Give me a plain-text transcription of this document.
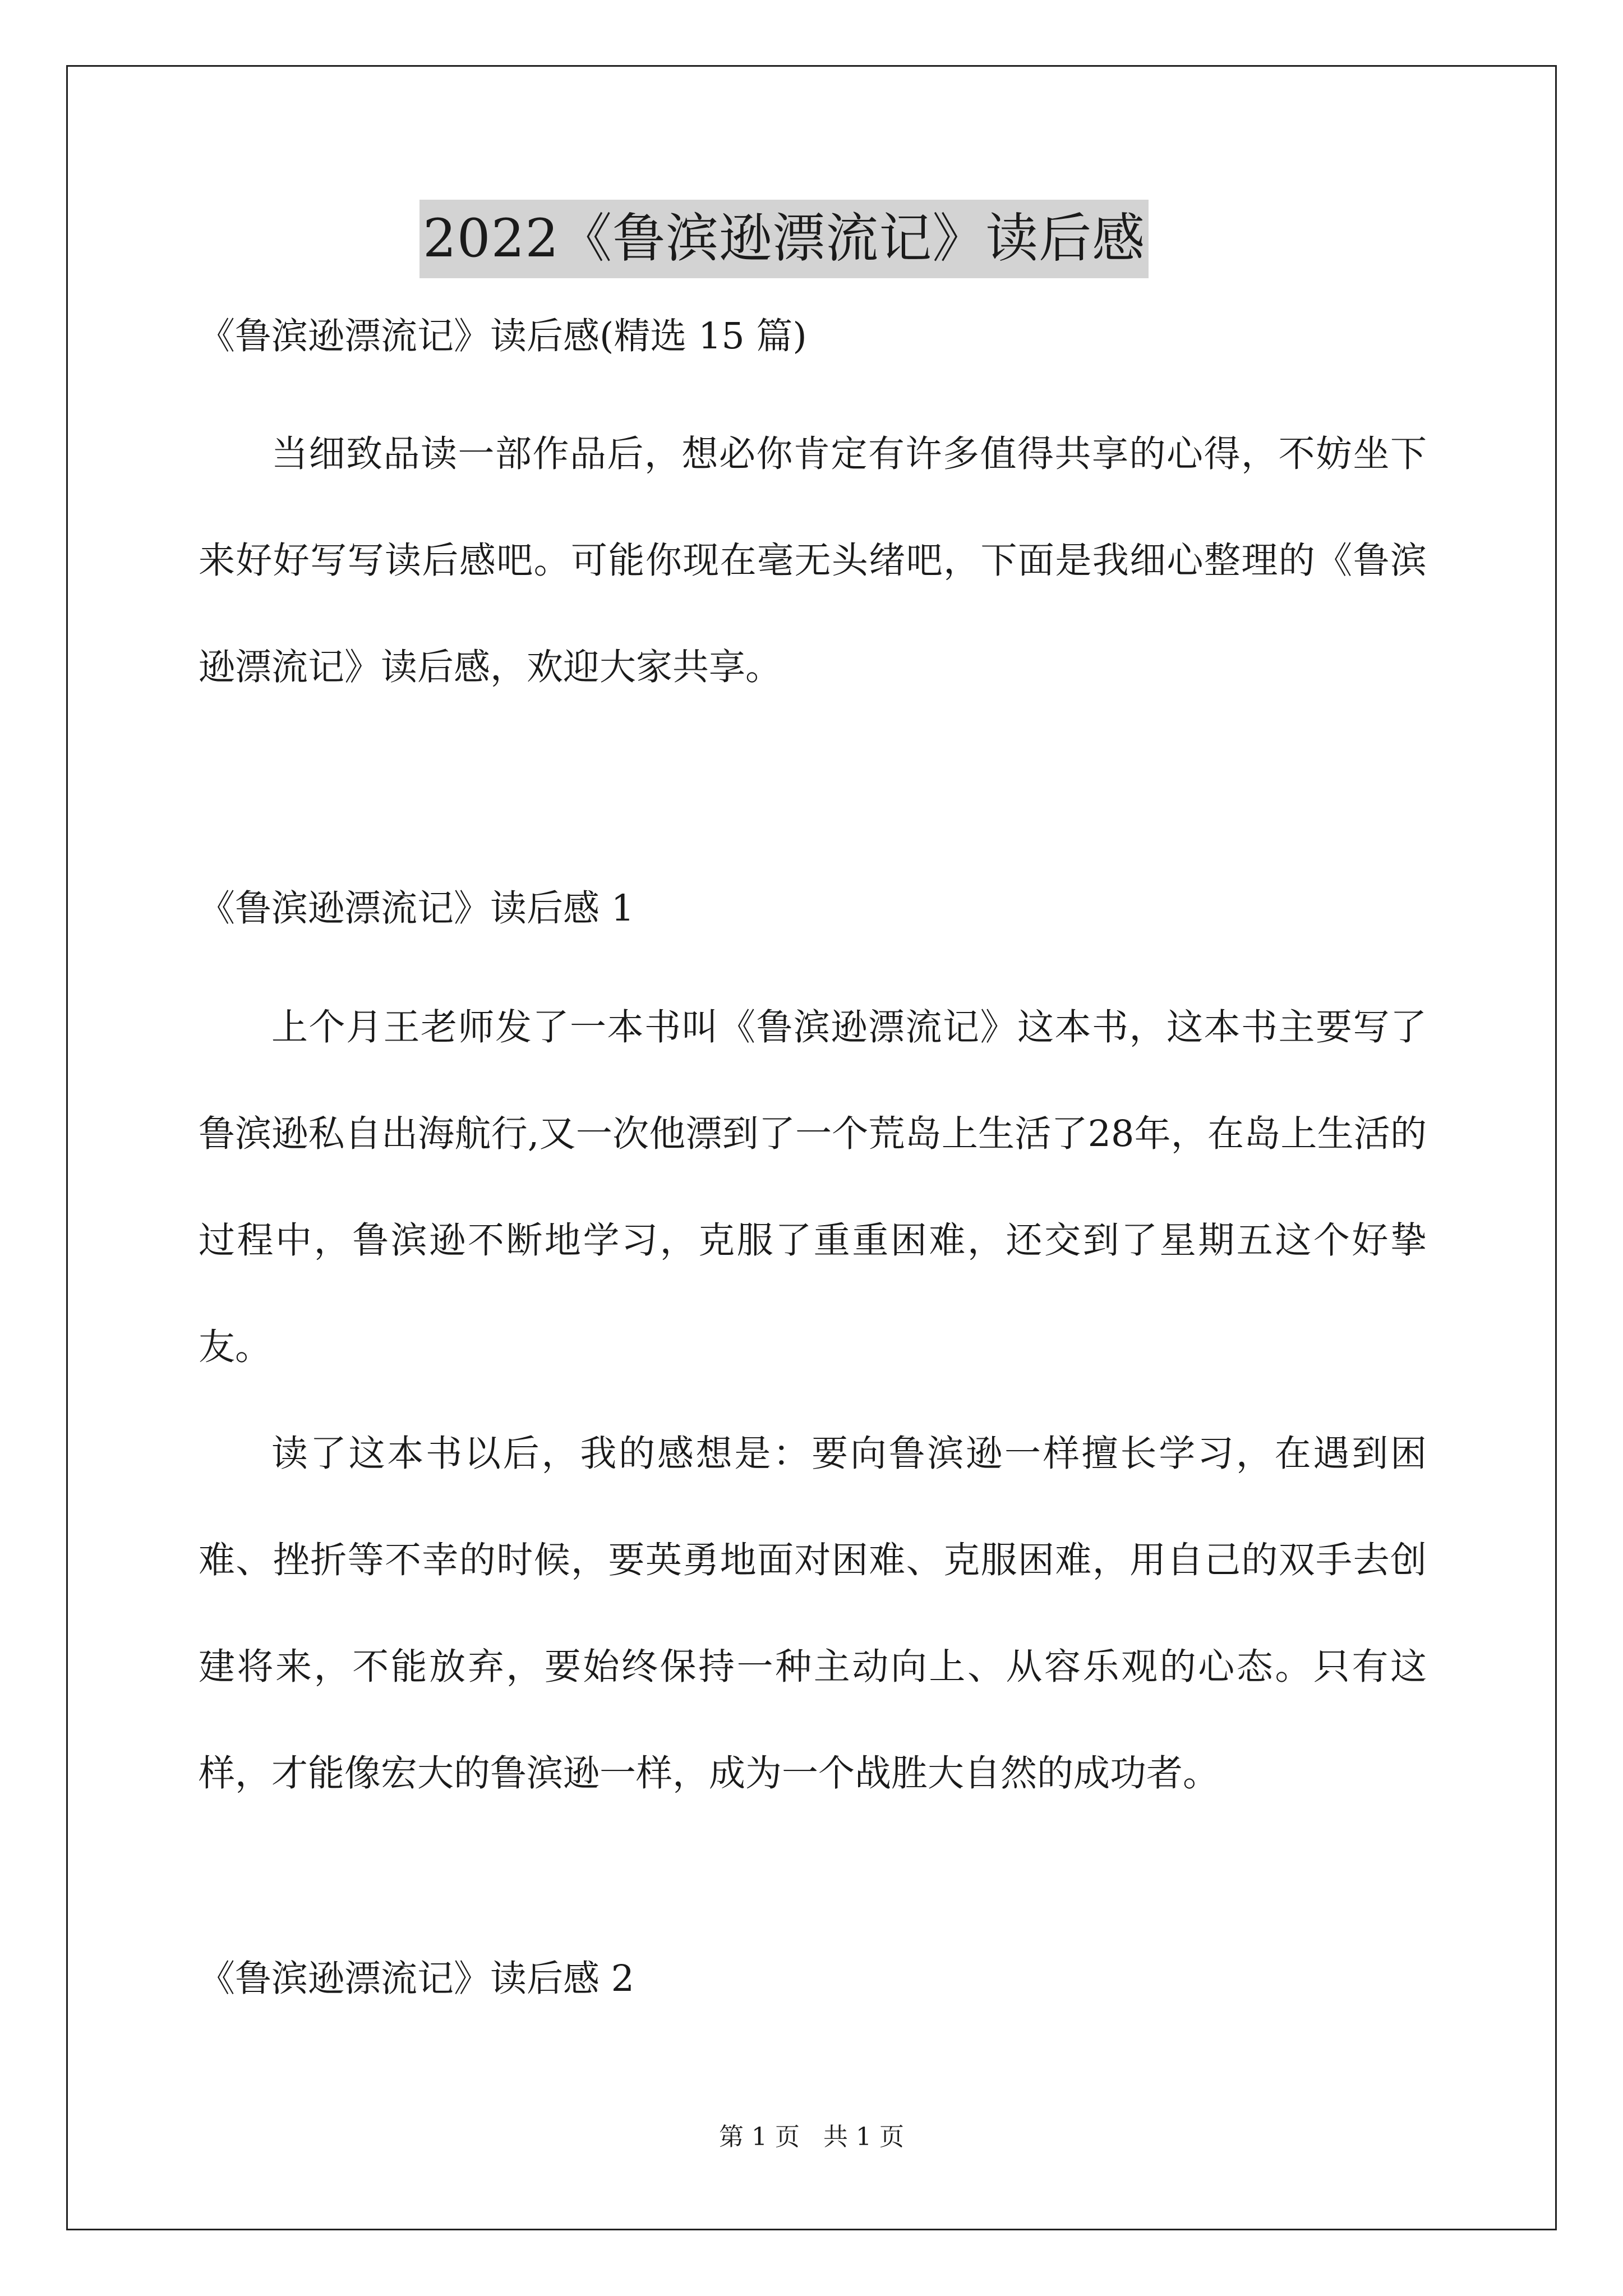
2022《鲁滨逊漂流记》读后感
《鲁滨逊漂流记》读后感(精选 15 篇)

当细致品读一部作品后，想必你肯定有许多值得共享的心得，不妨坐下来好好写写读后感吧。可能你现在毫无头绪吧，下面是我细心整理的《鲁滨逊漂流记》读后感，欢迎大家共享。

《鲁滨逊漂流记》读后感 1

上个月王老师发了一本书叫《鲁滨逊漂流记》这本书，这本书主要写了鲁滨逊私自出海航行,又一次他漂到了一个荒岛上生活了28年，在岛上生活的过程中，鲁滨逊不断地学习，克服了重重困难，还交到了星期五这个好挚友。

读了这本书以后，我的感想是：要向鲁滨逊一样擅长学习，在遇到困难、挫折等不幸的时候，要英勇地面对困难、克服困难，用自己的双手去创建将来，不能放弃，要始终保持一种主动向上、从容乐观的心态。只有这样，才能像宏大的鲁滨逊一样，成为一个战胜大自然的成功者。

《鲁滨逊漂流记》读后感 2
第 1 页   共 1 页
